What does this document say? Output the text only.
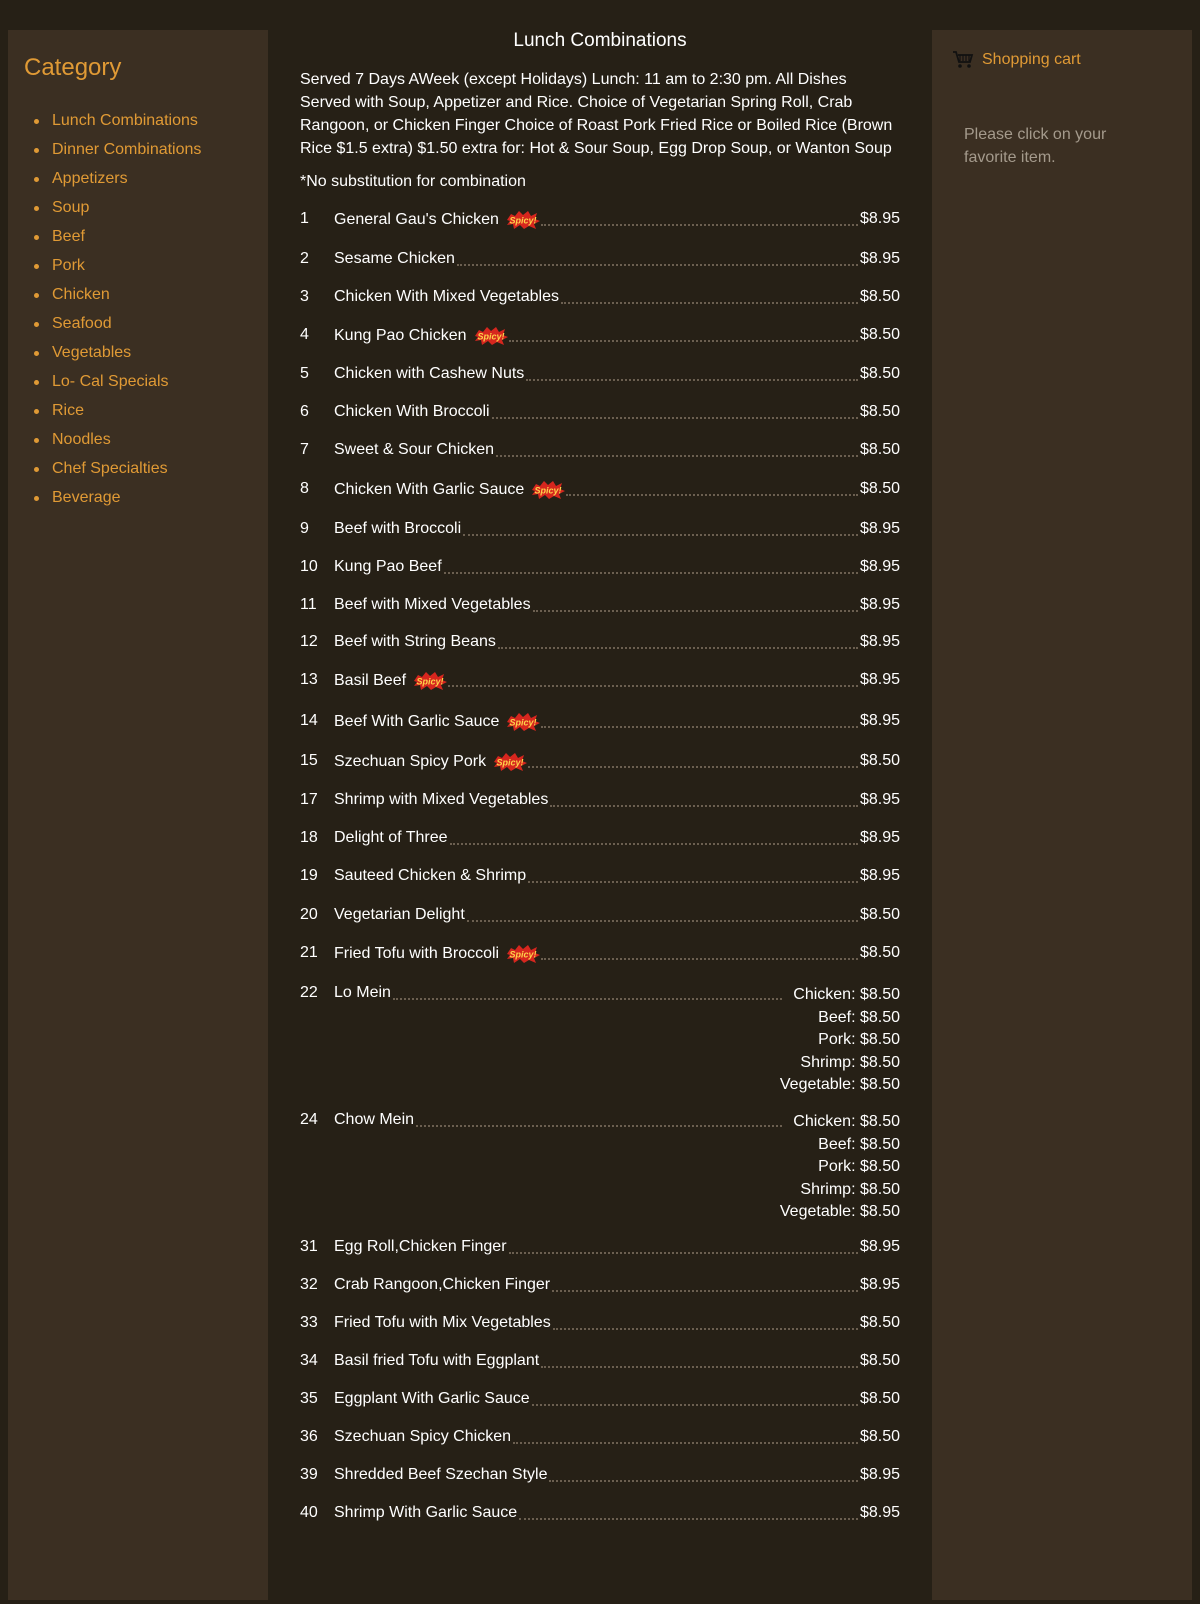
Category
Lunch Combinations
Dinner Combinations
Appetizers
Soup
Beef
Pork
Chicken
Seafood
Vegetables
Lo- Cal Specials
Rice
Noodles
Chef Specialties
Beverage
Lunch Combinations
Served 7 Days AWeek (except Holidays) Lunch: 11 am to 2:30 pm. All Dishes Served with Soup, Appetizer and Rice. Choice of Vegetarian Spring Roll, Crab Rangoon, or Chicken Finger Choice of Roast Pork Fried Rice or Boiled Rice (Brown Rice $1.5 extra) $1.50 extra for: Hot & Sour Soup, Egg Drop Soup, or Wanton Soup
*No substitution for combination
1 General Gau's Chicken Spicy!	$8.95
2 Sesame Chicken	$8.95
3 Chicken With Mixed Vegetables	$8.50
4 Kung Pao Chicken Spicy!	$8.50
5 Chicken with Cashew Nuts	$8.50
6 Chicken With Broccoli	$8.50
7 Sweet & Sour Chicken	$8.50
8 Chicken With Garlic Sauce Spicy!	$8.50
9 Beef with Broccoli	$8.95
10 Kung Pao Beef	$8.95
11 Beef with Mixed Vegetables	$8.95
12 Beef with String Beans	$8.95
13 Basil Beef Spicy!	$8.95
14 Beef With Garlic Sauce Spicy!	$8.95
15 Szechuan Spicy Pork Spicy!	$8.50
17 Shrimp with Mixed Vegetables	$8.95
18 Delight of Three	$8.95
19 Sauteed Chicken & Shrimp	$8.95
20 Vegetarian Delight	$8.50
21 Fried Tofu with Broccoli Spicy!	$8.50
22 Lo Mein	Chicken: $8.50
Beef: $8.50
Pork: $8.50
Shrimp: $8.50
Vegetable: $8.50
24 Chow Mein	Chicken: $8.50
Beef: $8.50
Pork: $8.50
Shrimp: $8.50
Vegetable: $8.50
31 Egg Roll,Chicken Finger	$8.95
32 Crab Rangoon,Chicken Finger	$8.95
33 Fried Tofu with Mix Vegetables	$8.50
34 Basil fried Tofu with Eggplant	$8.50
35 Eggplant With Garlic Sauce	$8.50
36 Szechuan Spicy Chicken	$8.50
39 Shredded Beef Szechan Style	$8.95
40 Shrimp With Garlic Sauce	$8.95
Shopping cart
Please click on your favorite item.
